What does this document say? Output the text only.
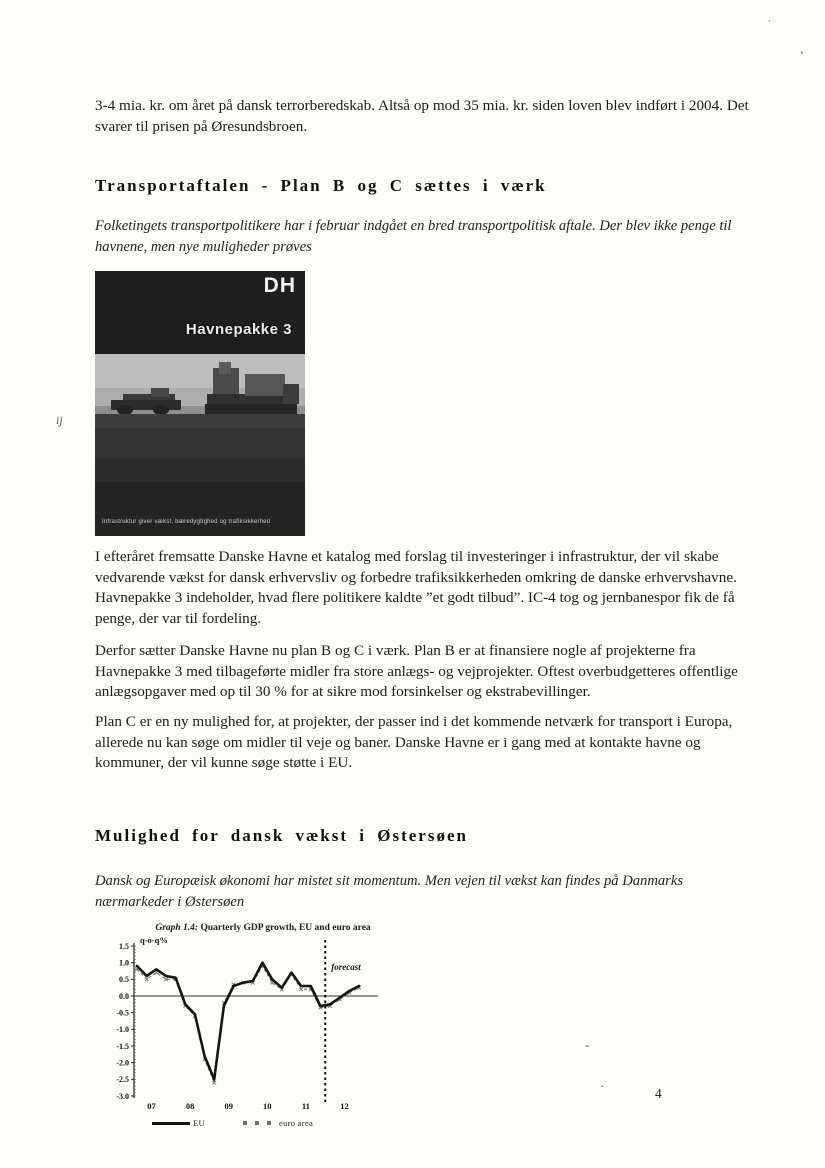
·
’
ij
-
.

3-4 mia. kr. om året på dansk terrorberedskab. Altså op mod 35 mia. kr. siden loven blev indført i 2004. Det svarer til prisen på Øresundsbroen.

Transportaftalen - Plan B og C sættes i værk

Folketingets transportpolitikere har i februar indgået en bred transportpolitisk aftale. Der blev ikke penge til havnene, men nye muligheder prøves

DH
Havnepakke 3
Infrastruktur giver vækst, bæredygtighed og trafiksikkerhed

I efteråret fremsatte Danske Havne et katalog med forslag til investeringer i infrastruktur, der vil skabe vedvarende vækst for dansk erhvervsliv og forbedre trafiksikkerheden omkring de danske erhvervshavne. Havnepakke 3 indeholder, hvad flere politikere kaldte ”et godt tilbud”. IC-4 tog og jernbanespor fik de få penge, der var til fordeling.

Derfor sætter Danske Havne nu plan B og C i værk. Plan B er at finansiere nogle af projekterne fra Havnepakke 3 med tilbageførte midler fra store anlægs- og vejprojekter. Oftest overbudgetteres offentlige anlægsopgaver med op til 30 % for at sikre mod forsinkelser og ekstrabevillinger.

Plan C er en ny mulighed for, at projekter, der passer ind i det kommende netværk for transport i Europa, allerede nu kan søge om midler til veje og baner. Danske Havne er i gang med at kontakte havne og kommuner, der vil kunne søge støtte i EU.

Mulighed for dansk vækst i Østersøen

Dansk og Europæisk økonomi har mistet sit momentum. Men vejen til vækst kan findes på Danmarks nærmarkeder i Østersøen

Graph 1.4: Quarterly GDP growth, EU and euro area
1.5
1.0
0.5
0.0
-0.5
-1.0
-1.5
-2.0
-2.5
-3.0
q-o-q%
07	08	09	10	11	12
forecast
EU	euro area
4
